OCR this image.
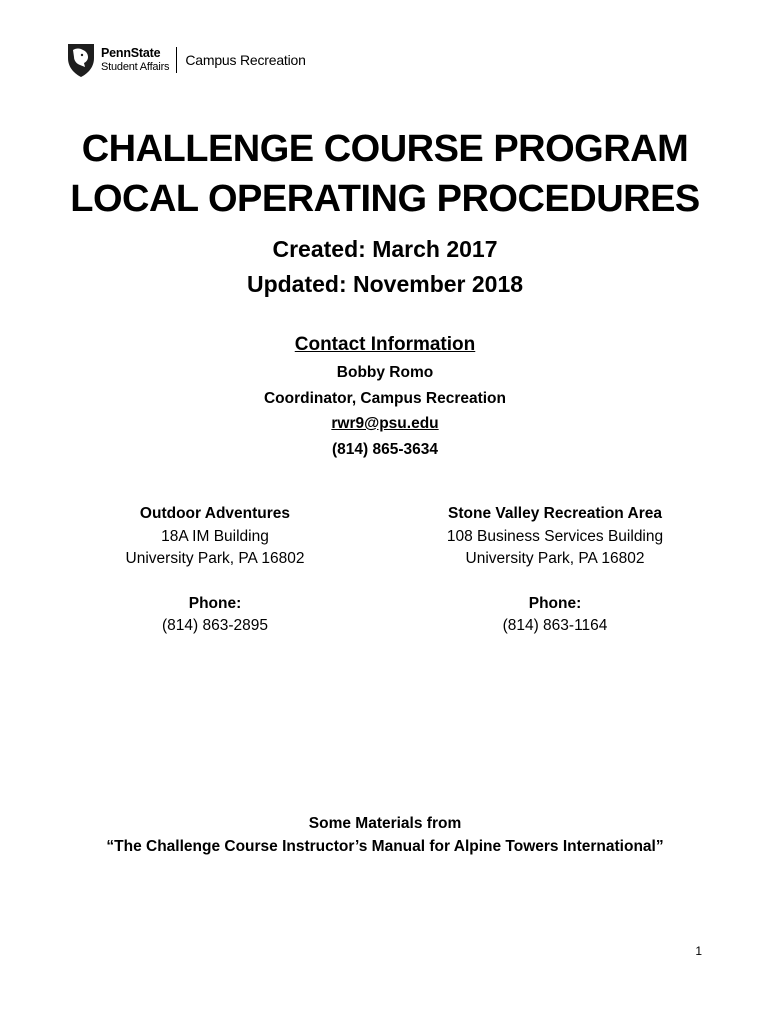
PennState
Student Affairs Campus Recreation
CHALLENGE COURSE PROGRAM
LOCAL OPERATING PROCEDURES
Created: March 2017
Updated: November 2018
Contact Information
Bobby Romo
Coordinator, Campus Recreation
rwr9@psu.edu
(814) 865-3634
Outdoor Adventures
18A IM Building
University Park, PA 16802
Phone:
(814) 863-2895
Stone Valley Recreation Area
108 Business Services Building
University Park, PA 16802
Phone:
(814) 863-1164
Some Materials from
“The Challenge Course Instructor’s Manual for Alpine Towers International”
1
